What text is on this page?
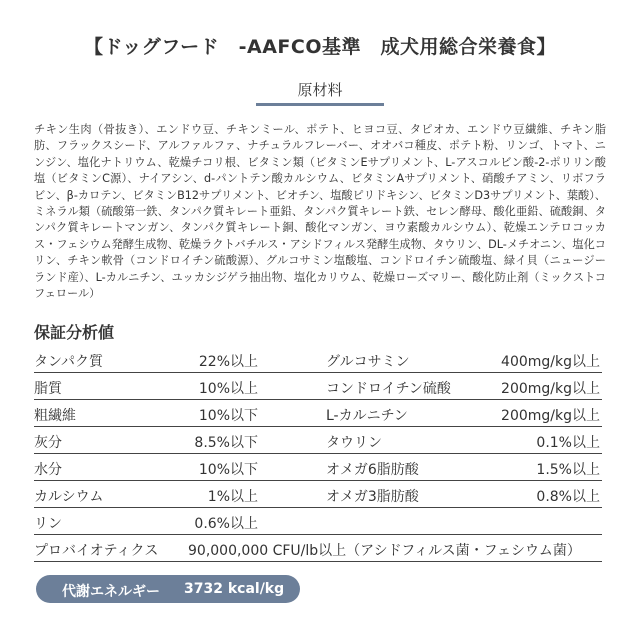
【ドッグフード　-AAFCO基準　成犬用総合栄養食】
原材料
チキン生肉（骨抜き）、エンドウ豆、チキンミール、ポテト、ヒヨコ豆、タピオカ、エンドウ豆繊維、チキン脂肪、フラックスシード、アルファルファ、ナチュラルフレーバー、オオバコ種皮、ポテト粉、リンゴ、トマト、ニンジン、塩化ナトリウム、乾燥チコリ根、ビタミン類（ビタミンEサプリメント、L-アスコルビン酸-2-ポリリン酸塩（ビタミンC源）、ナイアシン、d-パントテン酸カルシウム、ビタミンAサプリメント、硝酸チアミン、リボフラビン、β-カロテン、ビタミンB12サプリメント、ビオチン、塩酸ピリドキシン、ビタミンD3サプリメント、葉酸）、ミネラル類（硫酸第一鉄、タンパク質キレート亜鉛、タンパク質キレート鉄、セレン酵母、酸化亜鉛、硫酸銅、タンパク質キレートマンガン、タンパク質キレート銅、酸化マンガン、ヨウ素酸カルシウム）、乾燥エンテロコッカス・フェシウム発酵生成物、乾燥ラクトバチルス・アシドフィルス発酵生成物、タウリン、DL-メチオニン、塩化コリン、チキン軟骨（コンドロイチン硫酸源）、グルコサミン塩酸塩、コンドロイチン硫酸塩、緑イ貝（ニュージーランド産）、L-カルニチン、ユッカシジゲラ抽出物、塩化カリウム、乾燥ローズマリー、酸化防止剤（ミックストコフェロール）
保証分析値
タンパク質	22%以上	グルコサミン	400mg/kg以上
脂質	10%以上	コンドロイチン硫酸	200mg/kg以上
粗繊維	10%以下	L-カルニチン	200mg/kg以上
灰分	8.5%以下	タウリン	0.1%以上
水分	10%以下	オメガ6脂肪酸	1.5%以上
カルシウム	1%以上	オメガ3脂肪酸	0.8%以上
リン	0.6%以上
プロバイオティクス 90,000,000 CFU/lb以上（アシドフィルス菌・フェシウム菌）
代謝エネルギー 3732 kcal/kg
